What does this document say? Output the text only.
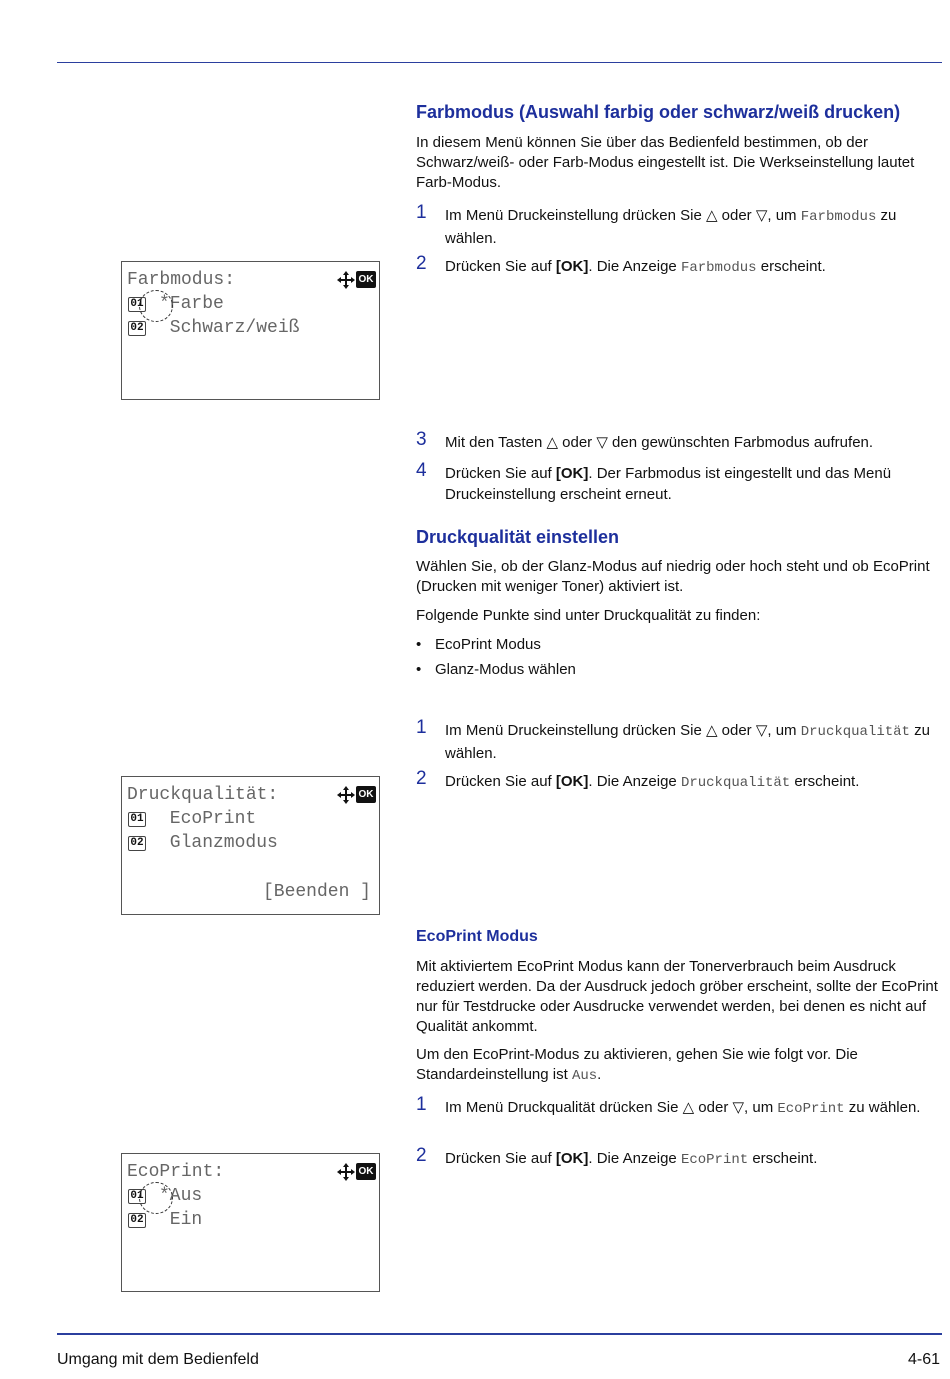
Farbmodus (Auswahl farbig oder schwarz/weiß drucken)

In diesem Menü können Sie über das Bedienfeld bestimmen, ob der Schwarz/weiß- oder Farb-Modus eingestellt ist. Die Werkseinstellung lautet Farb-Modus.

1 Im Menü Druckeinstellung drücken Sie △ oder ▽, um Farbmodus zu wählen.
2 Drücken Sie auf [OK]. Die Anzeige Farbmodus erscheint.
Farbmodus:	OK
01 *Farbe
02 Schwarz/weiß
3 Mit den Tasten △ oder ▽ den gewünschten Farbmodus aufrufen.
4 Drücken Sie auf [OK]. Der Farbmodus ist eingestellt und das Menü Druckeinstellung erscheint erneut.
Druckqualität einstellen

Wählen Sie, ob der Glanz-Modus auf niedrig oder hoch steht und ob EcoPrint (Drucken mit weniger Toner) aktiviert ist.

Folgende Punkte sind unter Druckqualität zu finden:

• EcoPrint Modus
• Glanz-Modus wählen
1 Im Menü Druckeinstellung drücken Sie △ oder ▽, um Druckqualität zu wählen.
2 Drücken Sie auf [OK]. Die Anzeige Druckqualität erscheint.
Druckqualität:	OK
01 EcoPrint
02 Glanzmodus
[Beenden ]
EcoPrint Modus

Mit aktiviertem EcoPrint Modus kann der Tonerverbrauch beim Ausdruck reduziert werden. Da der Ausdruck jedoch gröber erscheint, sollte der EcoPrint nur für Testdrucke oder Ausdrucke verwendet werden, bei denen es nicht auf Qualität ankommt.

Um den EcoPrint-Modus zu aktivieren, gehen Sie wie folgt vor. Die Standardeinstellung ist Aus.

1 Im Menü Druckqualität drücken Sie △ oder ▽, um EcoPrint zu wählen.
2 Drücken Sie auf [OK]. Die Anzeige EcoPrint erscheint.
EcoPrint:	OK
01 *Aus
02 Ein
Umgang mit dem Bedienfeld	4-61
